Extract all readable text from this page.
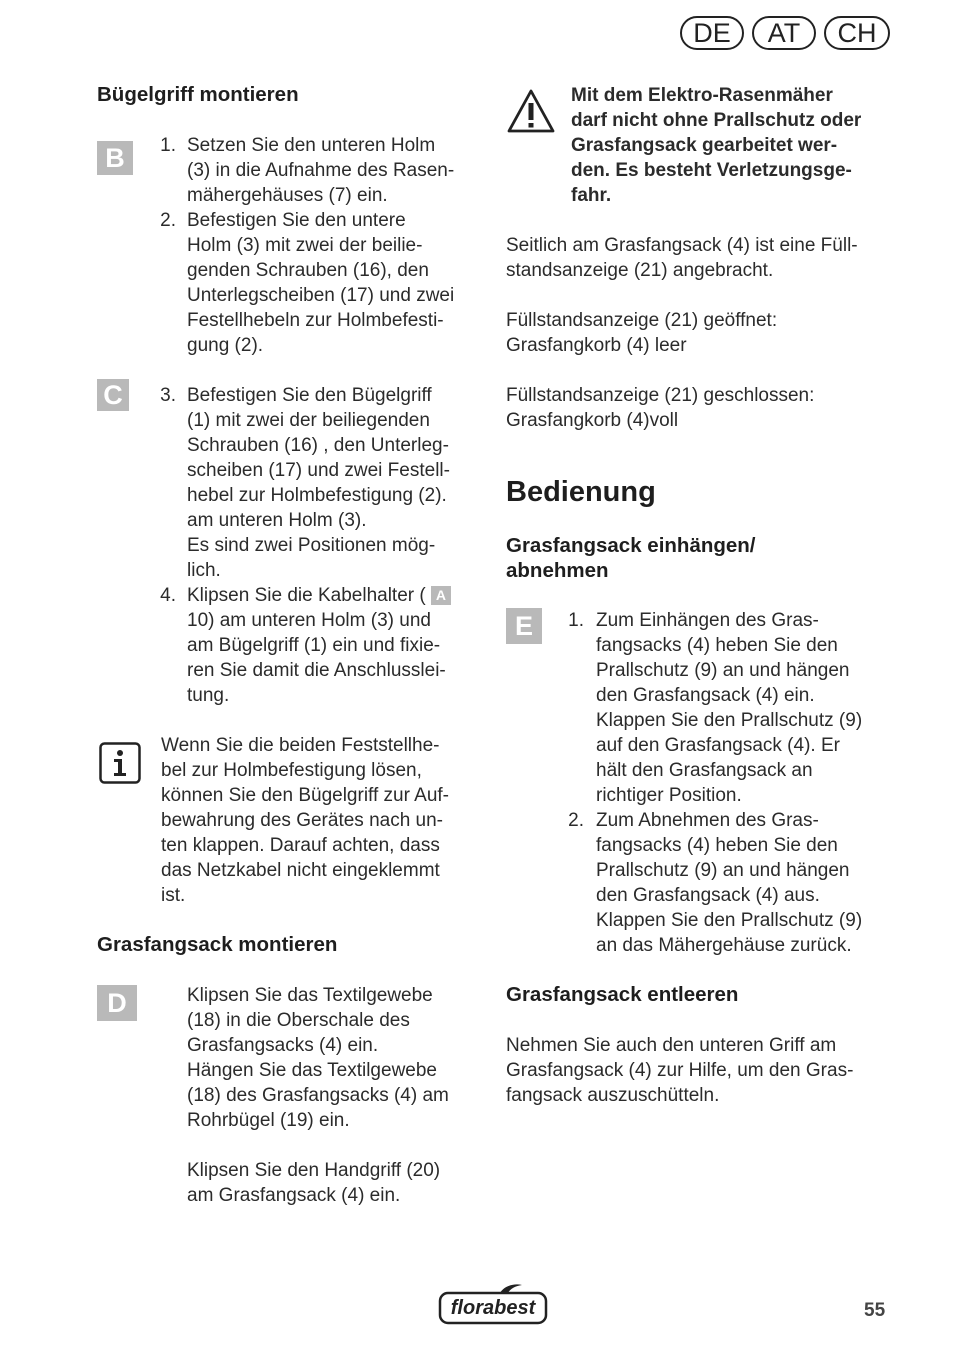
DE	AT	CH
Bügelgriff montieren
B	1. Setzen Sie den unteren Holm
(3) in die Aufnahme des Rasen-
mähergehäuses (7) ein.
2. Befestigen Sie den untere
Holm (3) mit zwei der beilie-
genden Schrauben (16), den
Unterlegscheiben (17) und zwei
Festellhebeln zur Holmbefesti-
gung (2).
C	3. Befestigen Sie den Bügelgriff
(1) mit zwei der beiliegenden
Schrauben (16) , den Unterleg-
scheiben (17) und zwei Festell-
hebel zur Holmbefestigung (2).
am unteren Holm (3).
Es sind zwei Positionen mög-
lich.
4. Klipsen Sie die Kabelhalter ( A
10) am unteren Holm (3) und
am Bügelgriff (1) ein und fixie-
ren Sie damit die Anschlusslei-
tung.
Wenn Sie die beiden Feststellhe-
bel zur Holmbefestigung lösen,
können Sie den Bügelgriff zur Auf-
bewahrung des Gerätes nach un-
ten klappen. Darauf achten, dass
das Netzkabel nicht eingeklemmt
ist.
Grasfangsack montieren
D	Klipsen Sie das Textilgewebe
(18) in die Oberschale des
Grasfangsacks (4) ein.
Hängen Sie das Textilgewebe
(18) des Grasfangsacks (4) am
Rohrbügel (19) ein.
Klipsen Sie den Handgriff (20)
am Grasfangsack (4) ein.
Mit dem Elektro-Rasenmäher
darf nicht ohne Prallschutz oder
Grasfangsack gearbeitet wer-
den. Es besteht Verletzungsge-
fahr.
Seitlich am Grasfangsack (4) ist eine Füll-
standsanzeige (21) angebracht.
Füllstandsanzeige (21) geöffnet:
Grasfangkorb (4) leer
Füllstandsanzeige (21) geschlossen:
Grasfangkorb (4)voll
Bedienung
Grasfangsack einhängen/
abnehmen
E	1. Zum Einhängen des Gras-
fangsacks (4) heben Sie den
Prallschutz (9) an und hängen
den Grasfangsack (4) ein.
Klappen Sie den Prallschutz (9)
auf den Grasfangsack (4). Er
hält den Grasfangsack an
richtiger Position.
2. Zum Abnehmen des Gras-
fangsacks (4) heben Sie den
Prallschutz (9) an und hängen
den Grasfangsack (4) aus.
Klappen Sie den Prallschutz (9)
an das Mähergehäuse zurück.
Grasfangsack entleeren
Nehmen Sie auch den unteren Griff am
Grasfangsack (4) zur Hilfe, um den Gras-
fangsack auszuschütteln.
florabest	55
